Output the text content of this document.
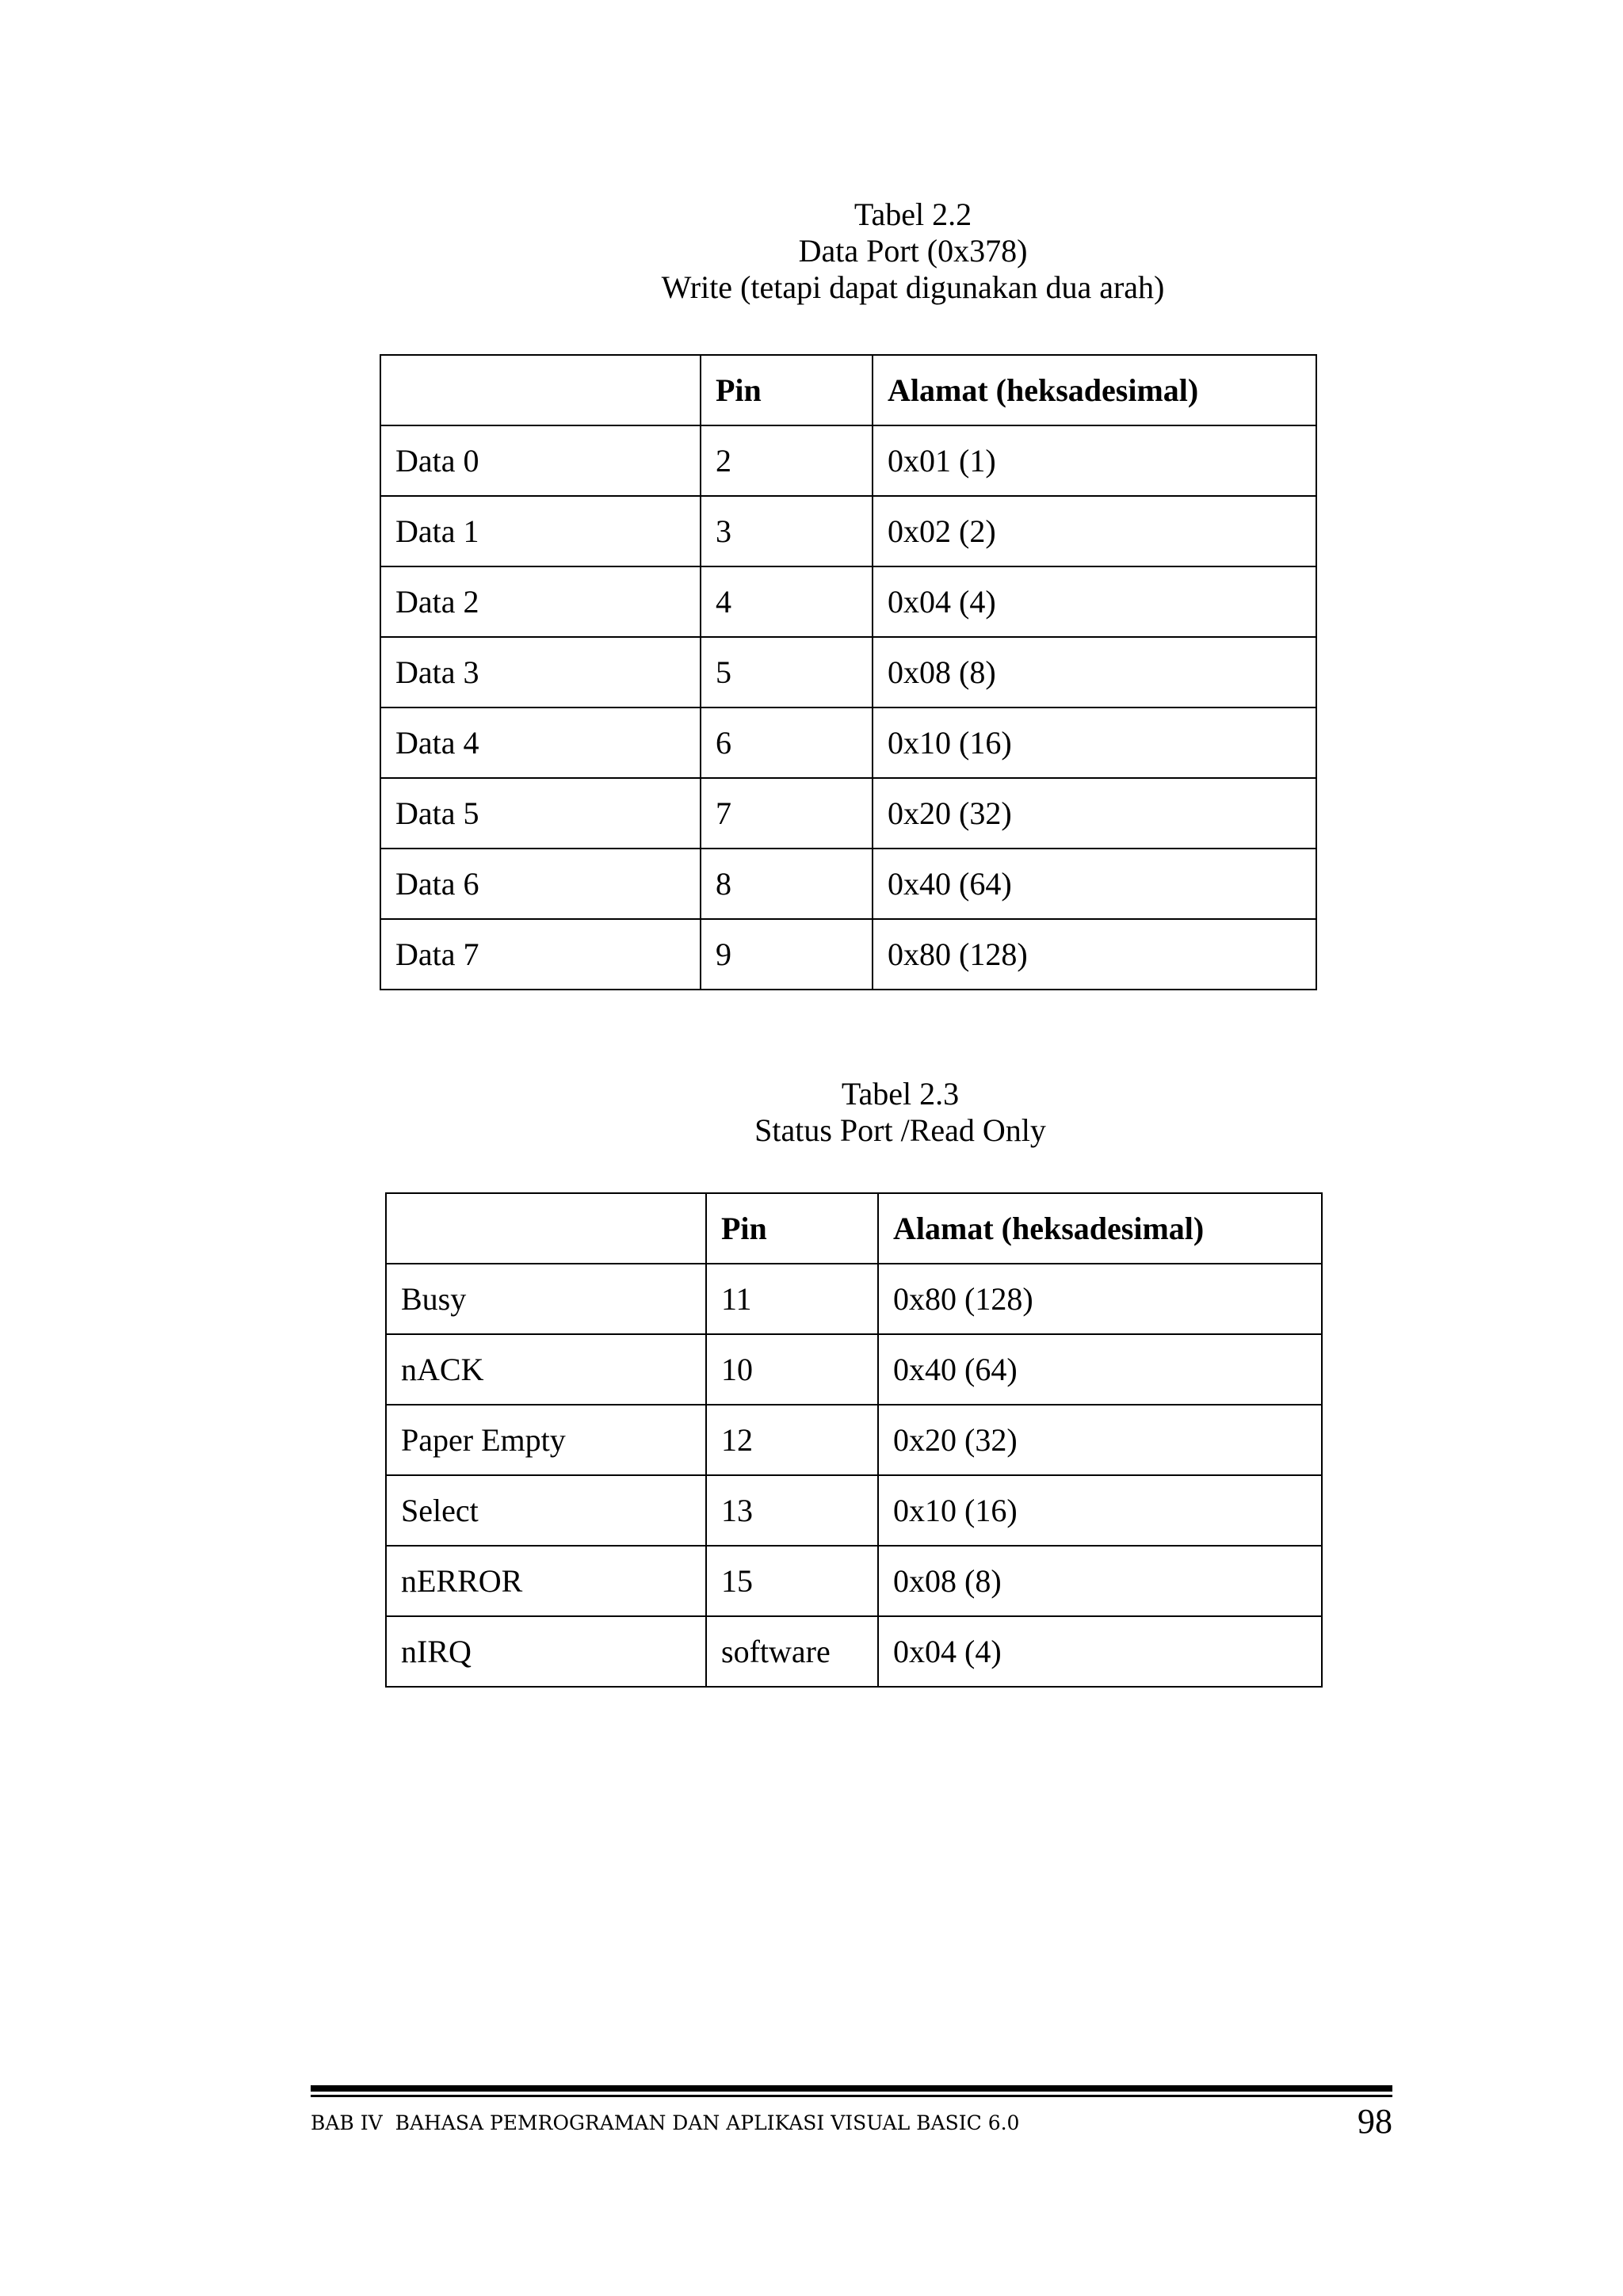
Tabel 2.2
Data Port (0x378)
Write (tetapi dapat digunakan dua arah)
	Pin	Alamat (heksadesimal)
Data 0	2	0x01 (1)
Data 1	3	0x02 (2)
Data 2	4	0x04 (4)
Data 3	5	0x08 (8)
Data 4	6	0x10 (16)
Data 5	7	0x20 (32)
Data 6	8	0x40 (64)
Data 7	9	0x80 (128)
Tabel 2.3
Status Port /Read Only
	Pin	Alamat (heksadesimal)
Busy	11	0x80 (128)
nACK	10	0x40 (64)
Paper Empty	12	0x20 (32)
Select	13	0x10 (16)
nERROR	15	0x08 (8)
nIRQ	software	0x04 (4)
BAB IV  BAHASA PEMROGRAMAN DAN APLIKASI VISUAL BASIC 6.0	98
